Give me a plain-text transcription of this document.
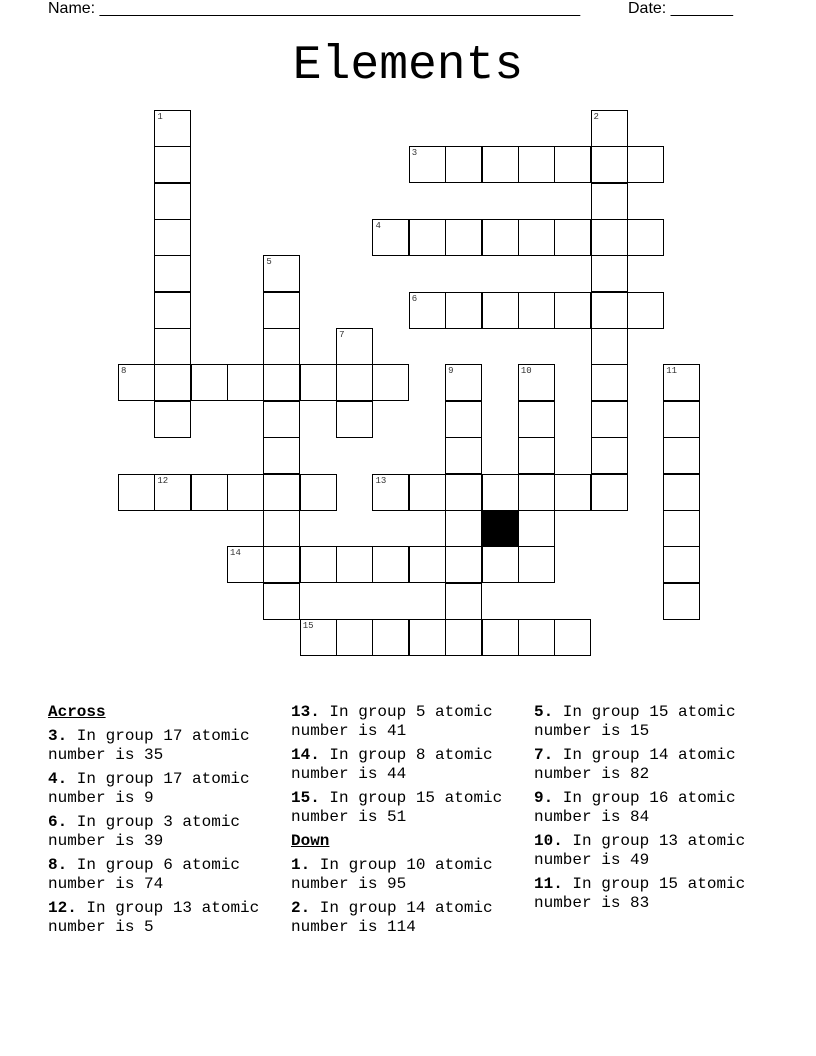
Name: ______________________________________________________	Date: _______
Elements
1	2
3
4
5
6
7
8	9	10	11
12	13
14
15
Across
3. In group 17 atomic number is 35
4. In group 17 atomic number is 9
6. In group 3 atomic number is 39
8. In group 6 atomic number is 74
12. In group 13 atomic number is 5
13. In group 5 atomic number is 41
14. In group 8 atomic number is 44
15. In group 15 atomic number is 51
Down
1. In group 10 atomic number is 95
2. In group 14 atomic number is 114
5. In group 15 atomic number is 15
7. In group 14 atomic number is 82
9. In group 16 atomic number is 84
10. In group 13 atomic number is 49
11. In group 15 atomic number is 83
